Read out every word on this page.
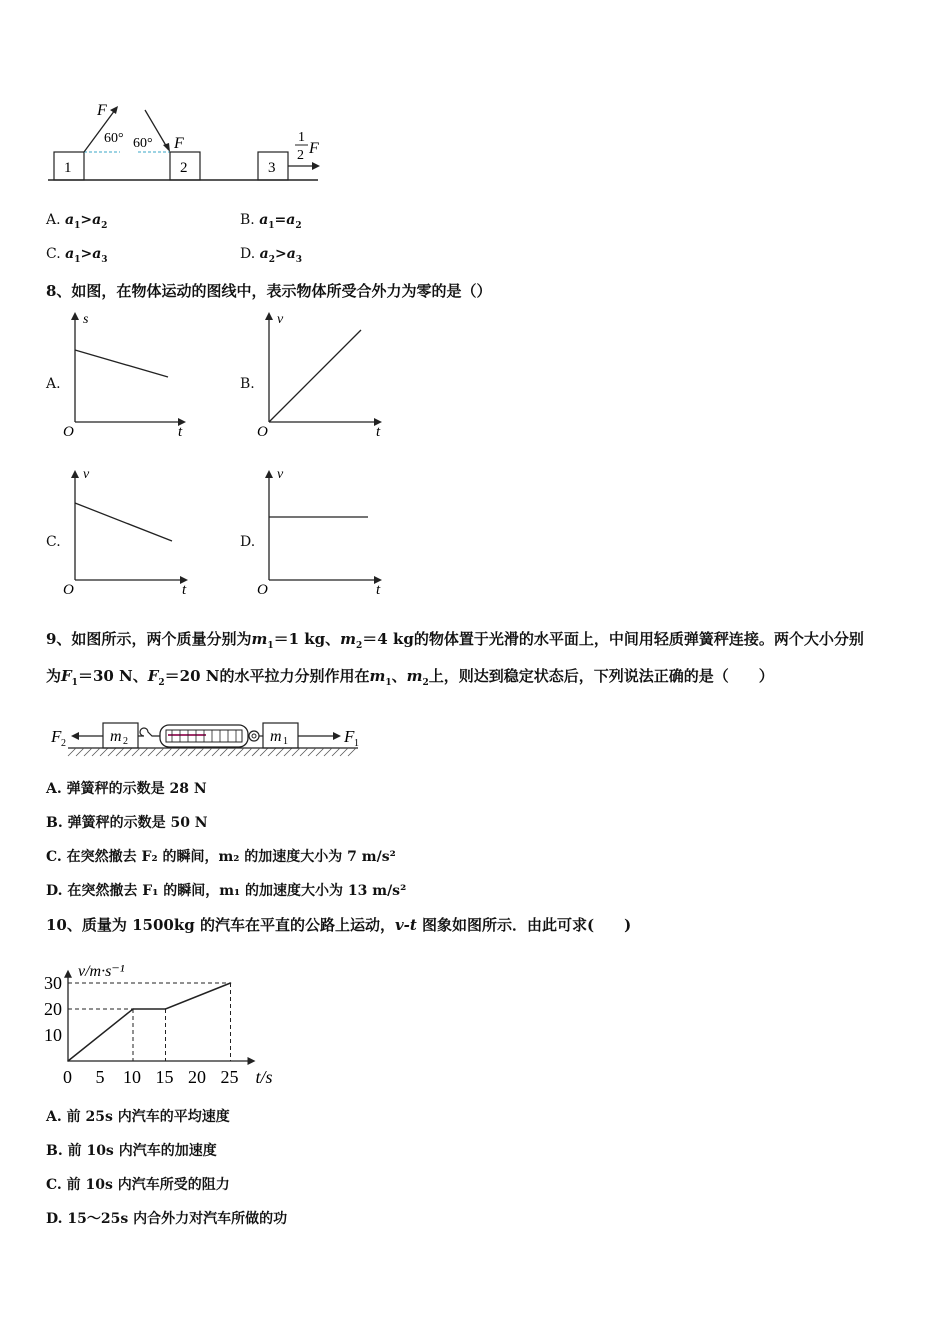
1
F
60°
2
60° F
3
1
2 F
A. $a_1>a_2$	B. $a_1=a_2$
C. $a_1>a_3$	D. $a_2>a_3$
8、如图，在物体运动的图线中，表示物体所受合外力为零的是（）
A.
s
t
O
B.
v
t
O
C.
v
t
O
D.
v
t
O
9、如图所示，两个质量分别为$m_1=1$ kg、$m_2=4$ kg的物体置于光滑的水平面上，中间用轻质弹簧秤连接。两个大小分别
为$F_1=30$ N、$F_2=20$ N的水平拉力分别作用在$m_1$、$m_2$上，则达到稳定状态后，下列说法正确的是（　　）
F 2	m 2	m 1	F 1
A. 弹簧秤的示数是 28 N
B. 弹簧秤的示数是 50 N
C. 在突然撤去 F₂ 的瞬间，m₂ 的加速度大小为 7 m/s²
D. 在突然撤去 F₁ 的瞬间，m₁ 的加速度大小为 13 m/s²
10、质量为 1500kg 的汽车在平直的公路上运动，v-t 图象如图所示．由此可求(　　)
10
20
30
0 5 10 15 20 25 t/s
v/m·s⁻¹
A. 前 25s 内汽车的平均速度
B. 前 10s 内汽车的加速度
C. 前 10s 内汽车所受的阻力
D. 15～25s 内合外力对汽车所做的功
